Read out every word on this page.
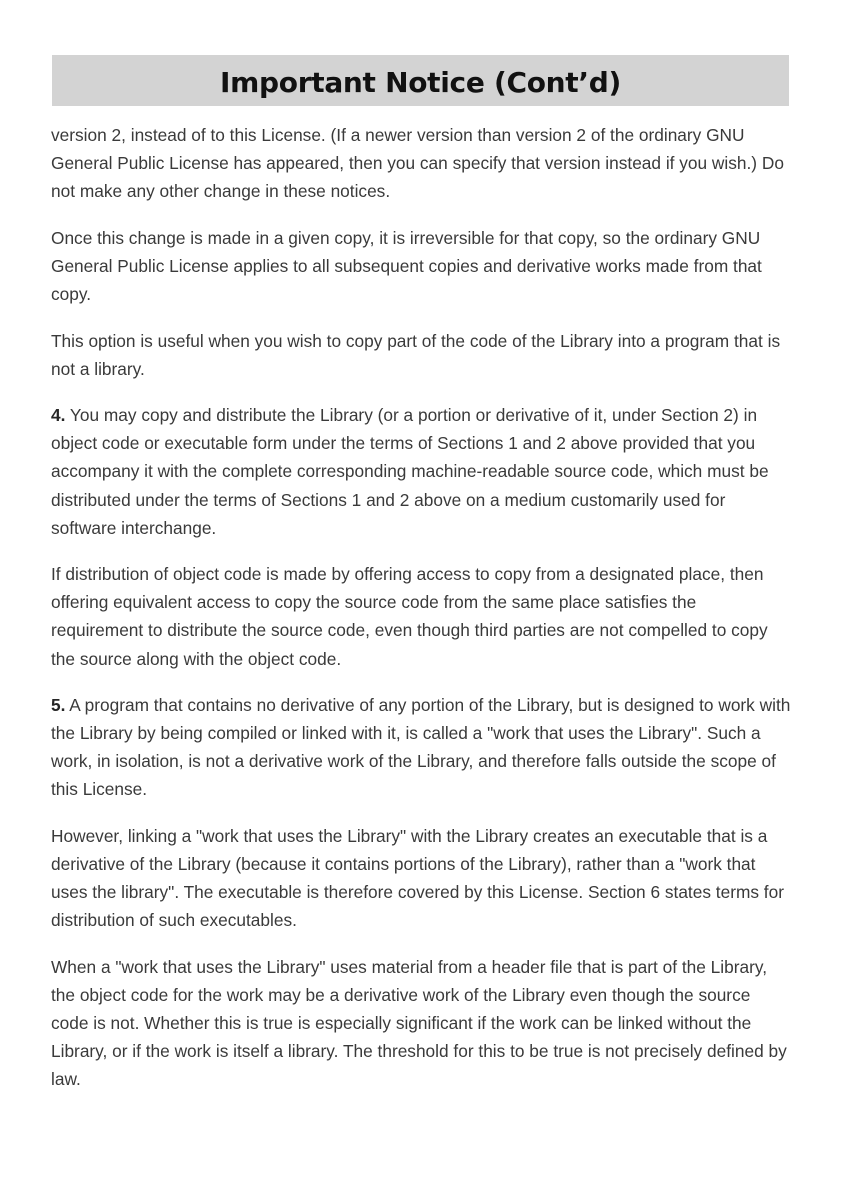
Important Notice (Cont’d)

version 2, instead of to this License. (If a newer version than version 2 of the ordinary GNU General Public License has appeared, then you can specify that version instead if you wish.) Do not make any other change in these notices.

Once this change is made in a given copy, it is irreversible for that copy, so the ordinary GNU General Public License applies to all subsequent copies and derivative works made from that copy.

This option is useful when you wish to copy part of the code of the Library into a program that is not a library.

4. You may copy and distribute the Library (or a portion or derivative of it, under Section 2) in object code or executable form under the terms of Sections 1 and 2 above provided that you accompany it with the complete corresponding machine-readable source code, which must be distributed under the terms of Sections 1 and 2 above on a medium customarily used for software interchange.

If distribution of object code is made by offering access to copy from a designated place, then offering equivalent access to copy the source code from the same place satisfies the requirement to distribute the source code, even though third parties are not compelled to copy the source along with the object code.

5. A program that contains no derivative of any portion of the Library, but is designed to work with the Library by being compiled or linked with it, is called a "work that uses the Library". Such a work, in isolation, is not a derivative work of the Library, and therefore falls outside the scope of this License.

However, linking a "work that uses the Library" with the Library creates an executable that is a derivative of the Library (because it contains portions of the Library), rather than a "work that uses the library". The executable is therefore covered by this License. Section 6 states terms for distribution of such executables.

When a "work that uses the Library" uses material from a header file that is part of the Library, the object code for the work may be a derivative work of the Library even though the source code is not. Whether this is true is especially significant if the work can be linked without the Library, or if the work is itself a library. The threshold for this to be true is not precisely defined by law.
